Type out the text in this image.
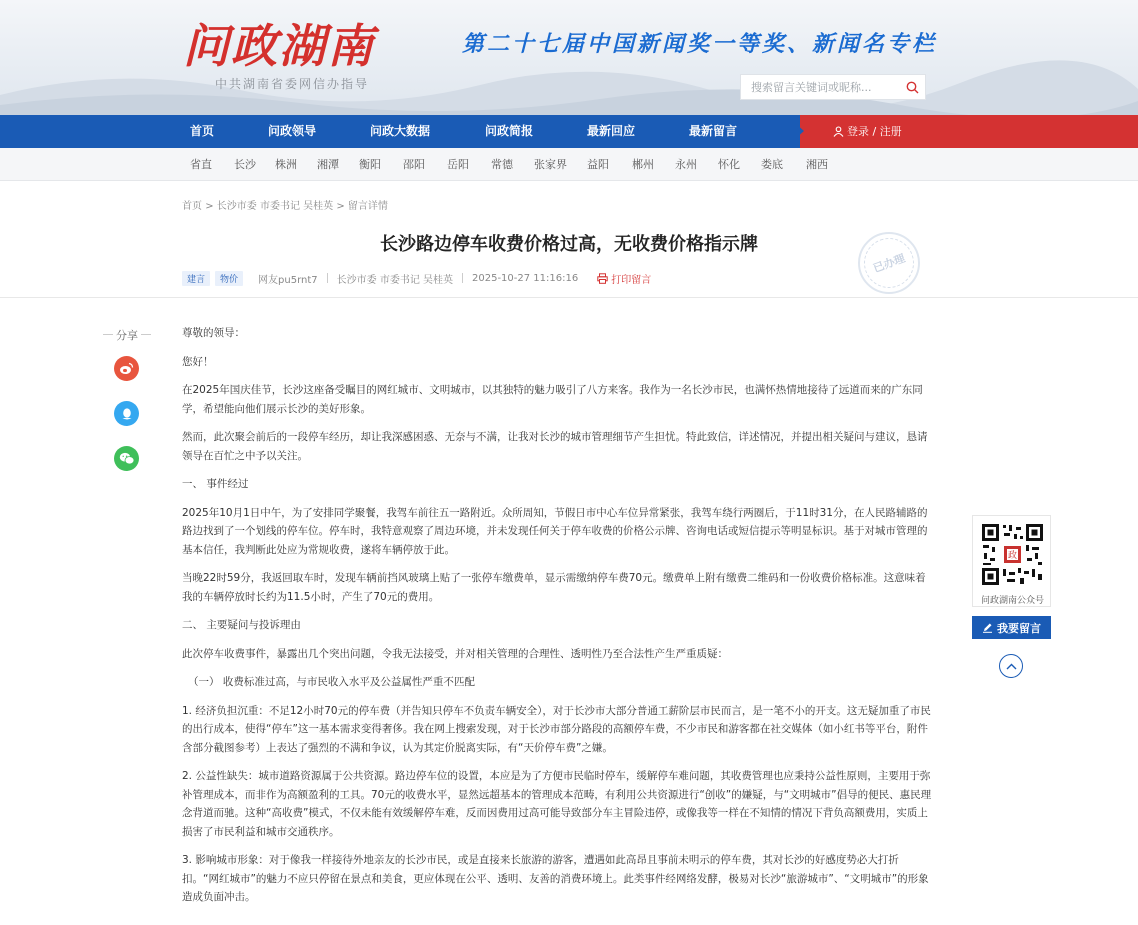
问政湖南
中共湖南省委网信办指导
第二十七届中国新闻奖一等奖、新闻名专栏
搜索留言关键词或昵称...
首页	问政领导	问政大数据	问政简报	最新回应	最新留言	登录 / 注册
省直	长沙	株洲	湘潭	衡阳	邵阳	岳阳	常德	张家界	益阳	郴州	永州	怀化	娄底	湘西
首页 > 长沙市委 市委书记 吴桂英 > 留言详情
长沙路边停车收费价格过高，无收费价格指示牌
建言	物价	网友pu5rnt7 长沙市委 市委书记 吴桂英 2025-10-27 11:16:16	打印留言
已办理
分享	尊敬的领导：

您好！

在2025年国庆佳节，长沙这座备受瞩目的网红城市、文明城市，以其独特的魅力吸引了八方来客。我作为一名长沙市民，也满怀热情地接待了远道而来的广东同学，希望能向他们展示长沙的美好形象。

然而，此次聚会前后的一段停车经历，却让我深感困惑、无奈与不满，让我对长沙的城市管理细节产生担忧。特此致信，详述情况，并提出相关疑问与建议，恳请领导在百忙之中予以关注。

一、 事件经过

2025年10月1日中午，为了安排同学聚餐，我驾车前往五一路附近。众所周知，节假日市中心车位异常紧张，我驾车绕行两圈后，于11时31分，在人民路辅路的路边找到了一个划线的停车位。停车时，我特意观察了周边环境，并未发现任何关于停车收费的价格公示牌、咨询电话或短信提示等明显标识。基于对城市管理的基本信任，我判断此处应为常规收费，遂将车辆停放于此。

当晚22时59分，我返回取车时，发现车辆前挡风玻璃上贴了一张停车缴费单，显示需缴纳停车费70元。缴费单上附有缴费二维码和一份收费价格标准。这意味着我的车辆停放时长约为11.5小时，产生了70元的费用。

二、 主要疑问与投诉理由

此次停车收费事件，暴露出几个突出问题，令我无法接受，并对相关管理的合理性、透明性乃至合法性产生严重质疑：

（一） 收费标准过高，与市民收入水平及公益属性严重不匹配

1. 经济负担沉重：不足12小时70元的停车费（并告知只停车不负责车辆安全），对于长沙市大部分普通工薪阶层市民而言，是一笔不小的开支。这无疑加重了市民的出行成本，使得“停车”这一基本需求变得奢侈。我在网上搜索发现，对于长沙市部分路段的高额停车费，不少市民和游客都在社交媒体（如小红书等平台，附件含部分截图参考）上表达了强烈的不满和争议，认为其定价脱离实际，有“天价停车费”之嫌。

2. 公益性缺失：城市道路资源属于公共资源。路边停车位的设置，本应是为了方便市民临时停车，缓解停车难问题，其收费管理也应秉持公益性原则，主要用于弥补管理成本，而非作为高额盈利的工具。70元的收费水平，显然远超基本的管理成本范畴，有利用公共资源进行“创收”的嫌疑，与“文明城市”倡导的便民、惠民理念背道而驰。这种“高收费”模式，不仅未能有效缓解停车难，反而因费用过高可能导致部分车主冒险违停，或像我等一样在不知情的情况下背负高额费用，实质上损害了市民利益和城市交通秩序。

3. 影响城市形象：对于像我一样接待外地亲友的长沙市民，或是直接来长旅游的游客，遭遇如此高昂且事前未明示的停车费，其对长沙的好感度势必大打折扣。“网红城市”的魅力不应只停留在景点和美食，更应体现在公平、透明、友善的消费环境上。此类事件经网络发酵，极易对长沙“旅游城市”、“文明城市”的形象造成负面冲击。

政
问政湖南公众号
我要留言
